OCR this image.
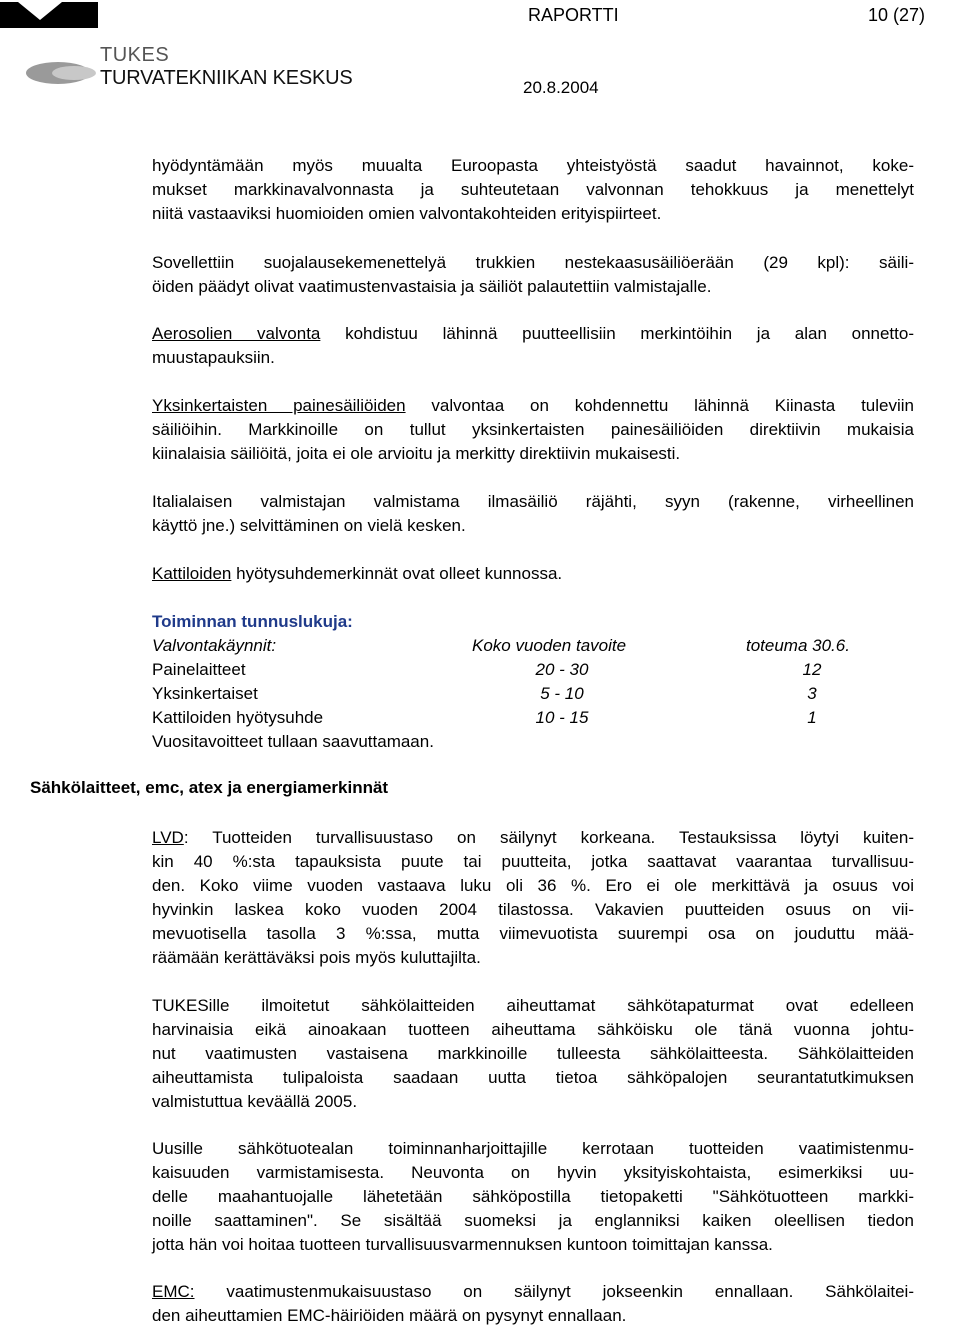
TUKES
TURVATEKNIIKAN KESKUS
RAPORTTI	10 (27)
20.8.2004
hyödyntämään myös muualta Euroopasta yhteistyöstä saadut havainnot, koke-
mukset markkinavalvonnasta ja suhteutetaan valvonnan tehokkuus ja menettelyt
niitä vastaaviksi huomioiden omien valvontakohteiden erityispiirteet.
Sovellettiin suojalausekemenettelyä trukkien nestekaasusäiliöerään (29 kpl): säili-
öiden päädyt olivat vaatimustenvastaisia ja säiliöt palautettiin valmistajalle.
Aerosolien valvonta kohdistuu lähinnä puutteellisiin merkintöihin ja alan onnetto-
muustapauksiin.
Yksinkertaisten painesäiliöiden valvontaa on kohdennettu lähinnä Kiinasta tuleviin
säiliöihin. Markkinoille on tullut yksinkertaisten painesäiliöiden direktiivin mukaisia
kiinalaisia säiliöitä, joita ei ole arvioitu ja merkitty direktiivin mukaisesti.
Italialaisen valmistajan valmistama ilmasäiliö räjähti, syyn (rakenne, virheellinen
käyttö jne.) selvittäminen on vielä kesken.
Kattiloiden hyötysuhdemerkinnät ovat olleet kunnossa.
Toiminnan tunnuslukuja:
Valvontakäynnit:	Koko vuoden tavoite	toteuma 30.6.
Painelaitteet	20 - 30	12
Yksinkertaiset	5 - 10	3
Kattiloiden hyötysuhde	10 - 15	1
Vuositavoitteet tullaan saavuttamaan.
Sähkölaitteet, emc, atex ja energiamerkinnät
LVD: Tuotteiden turvallisuustaso on säilynyt korkeana. Testauksissa löytyi kuiten-
kin 40 %:sta tapauksista puute tai puutteita, jotka saattavat vaarantaa turvallisuu-
den. Koko viime vuoden vastaava luku oli 36 %. Ero ei ole merkittävä ja osuus voi
hyvinkin laskea koko vuoden 2004 tilastossa. Vakavien puutteiden osuus on vii-
mevuotisella tasolla 3 %:ssa, mutta viimevuotista suurempi osa on jouduttu mää-
räämään kerättäväksi pois myös kuluttajilta.
TUKESille ilmoitetut sähkölaitteiden aiheuttamat sähkötapaturmat ovat edelleen
harvinaisia eikä ainoakaan tuotteen aiheuttama sähköisku ole tänä vuonna johtu-
nut vaatimusten vastaisena markkinoille tulleesta sähkölaitteesta. Sähkölaitteiden
aiheuttamista tulipaloista saadaan uutta tietoa sähköpalojen seurantatutkimuksen
valmistuttua keväällä 2005.
Uusille sähkötuotealan toiminnanharjoittajille kerrotaan tuotteiden vaatimistenmu-
kaisuuden varmistamisesta. Neuvonta on hyvin yksityiskohtaista, esimerkiksi uu-
delle maahantuojalle lähetetään sähköpostilla tietopaketti "Sähkötuotteen markki-
noille saattaminen". Se sisältää suomeksi ja englanniksi kaiken oleellisen tiedon
jotta hän voi hoitaa tuotteen turvallisuusvarmennuksen kuntoon toimittajan kanssa.
EMC: vaatimustenmukaisuustaso on säilynyt jokseenkin ennallaan. Sähkölaitei-
den aiheuttamien EMC-häiriöiden määrä on pysynyt ennallaan.
